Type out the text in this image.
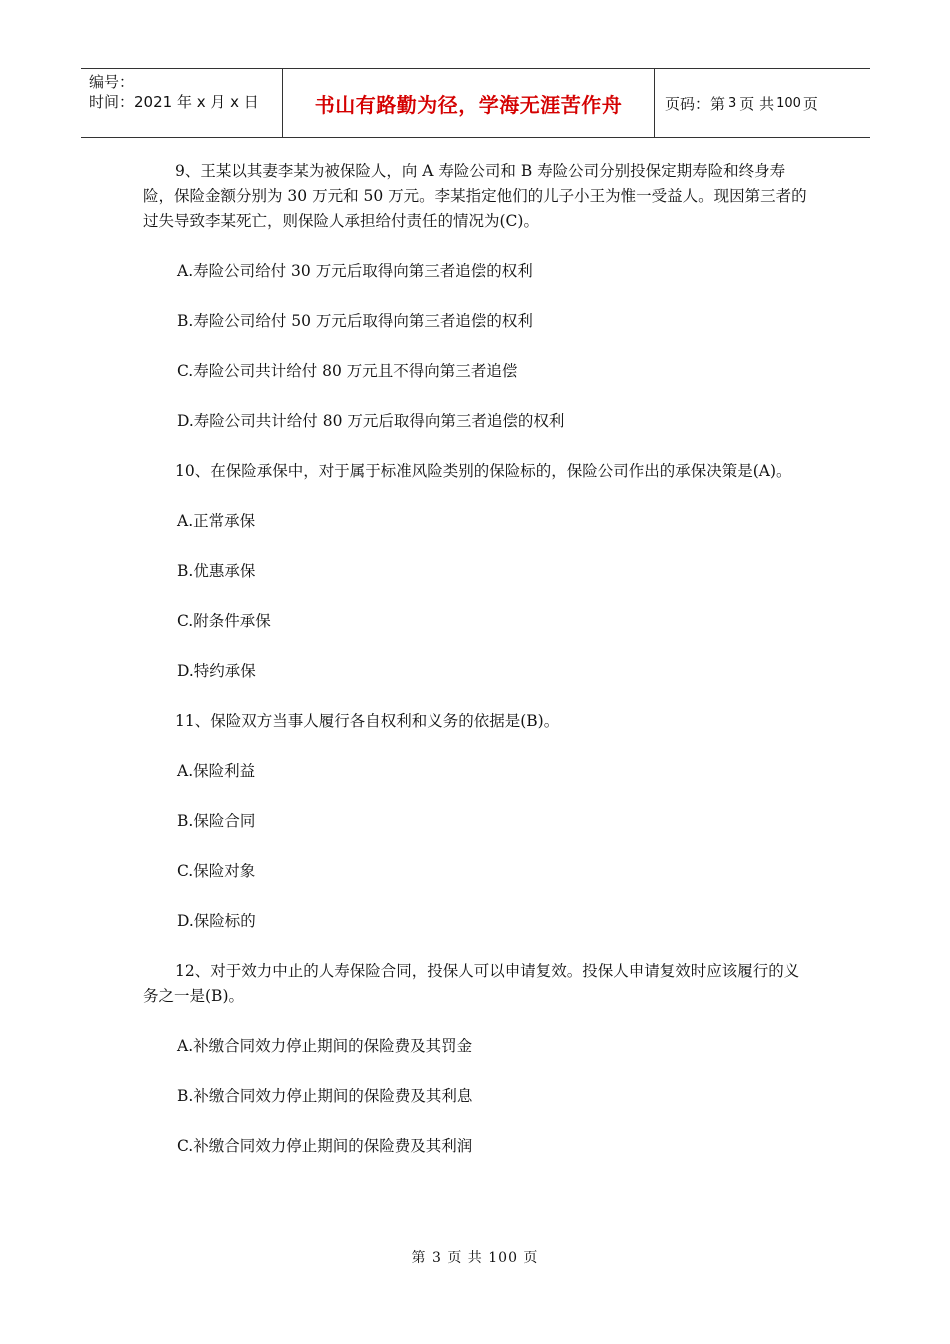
编号：
时间：2021 年 x 月 x 日	书山有路勤为径，学海无涯苦作舟	页码：第 3 页 共 100 页

9、王某以其妻李某为被保险人，向 A 寿险公司和 B 寿险公司分别投保定期寿险和终身寿险，保险金额分别为 30 万元和 50 万元。李某指定他们的儿子小王为惟一受益人。现因第三者的过失导致李某死亡，则保险人承担给付责任的情况为(C)。

A.寿险公司给付 30 万元后取得向第三者追偿的权利

B.寿险公司给付 50 万元后取得向第三者追偿的权利

C.寿险公司共计给付 80 万元且不得向第三者追偿

D.寿险公司共计给付 80 万元后取得向第三者追偿的权利

10、在保险承保中，对于属于标准风险类别的保险标的，保险公司作出的承保决策是(A)。

A.正常承保

B.优惠承保

C.附条件承保

D.特约承保

11、保险双方当事人履行各自权利和义务的依据是(B)。

A.保险利益

B.保险合同

C.保险对象

D.保险标的

12、对于效力中止的人寿保险合同，投保人可以申请复效。投保人申请复效时应该履行的义务之一是(B)。

A.补缴合同效力停止期间的保险费及其罚金

B.补缴合同效力停止期间的保险费及其利息

C.补缴合同效力停止期间的保险费及其利润

第 3 页 共 100 页
